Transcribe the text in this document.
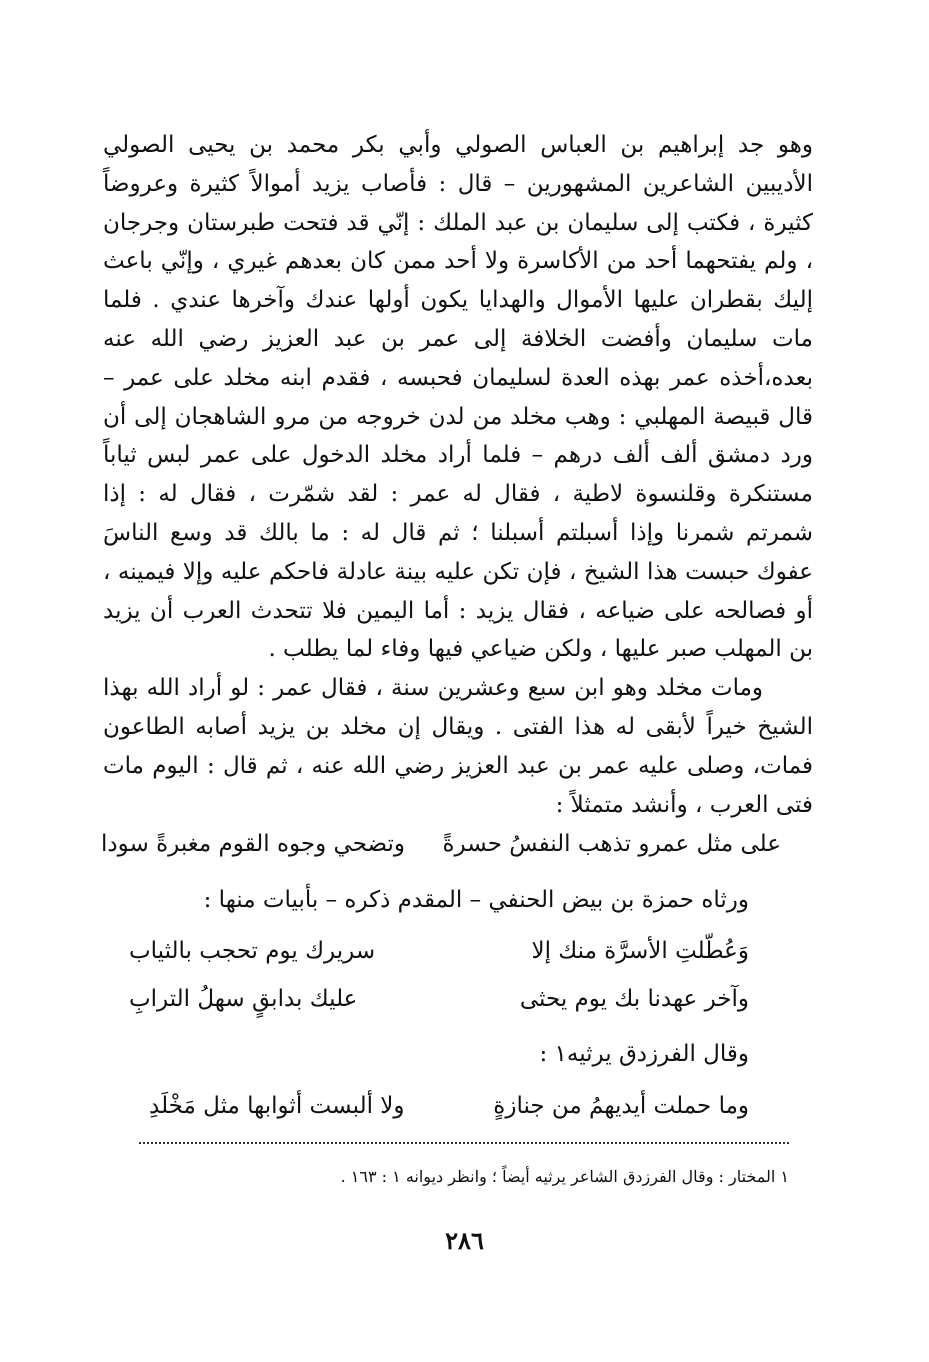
وهو جد إبراهيم بن العباس الصولي وأبي بكر محمد بن يحيى الصولي الأديبين الشاعرين المشهورين – قال : فأصاب يزيد أموالاً كثيرة وعروضاً كثيرة ، فكتب إلى سليمان بن عبد الملك : إنّي قد فتحت طبرستان وجرجان ، ولم يفتحهما أحد من الأكاسرة ولا أحد ممن كان بعدهم غيري ، وإنّي باعث إليك بقطران عليها الأموال والهدايا يكون أولها عندك وآخرها عندي . فلما مات سليمان وأفضت الخلافة إلى عمر بن عبد العزيز رضي الله عنه بعده،أخذه عمر بهذه العدة لسليمان فحبسه ، فقدم ابنه مخلد على عمر – قال قبيصة المهلبي : وهب مخلد من لدن خروجه من مرو الشاهجان إلى أن ورد دمشق ألف ألف درهم – فلما أراد مخلد الدخول على عمر لبس ثياباً مستنكرة وقلنسوة لاطية ، فقال له عمر : لقد شمّرت ، فقال له : إذا شمرتم شمرنا وإذا أسبلتم أسبلنا ؛ ثم قال له : ما بالك قد وسع الناسَ عفوك حبست هذا الشيخ ، فإن تكن عليه بينة عادلة فاحكم عليه وإلا فيمينه ، أو فصالحه على ضياعه ، فقال يزيد : أما اليمين فلا تتحدث العرب أن يزيد بن المهلب صبر عليها ، ولكن ضياعي فيها وفاء لما يطلب .

ومات مخلد وهو ابن سبع وعشرين سنة ، فقال عمر : لو أراد الله بهذا الشيخ خيراً لأبقى له هذا الفتى . ويقال إن مخلد بن يزيد أصابه الطاعون فمات، وصلى عليه عمر بن عبد العزيز رضي الله عنه ، ثم قال : اليوم مات فتى العرب ، وأنشد متمثلاً :

على مثل عمرو تذهب النفسُ حسرةً
وتضحي وجوه القوم مغبرةً سودا
ورثاه حمزة بن بيض الحنفي – المقدم ذكره – بأبيات منها :
وَعُطّلتِ الأسرَّة منك إلا
سريرك يوم تحجب بالثياب
وآخر عهدنا بك يوم يحثى
عليك بدابقٍ سهلُ الترابِ
وقال الفرزدق يرثيه١ :
وما حملت أيديهمُ من جنازةٍ
ولا ألبست أثوابها مثل مَخْلَدِ
١ المختار : وقال الفرزدق الشاعر يرثيه أيضاً ؛ وانظر ديوانه ١ : ١٦٣ .
٢٨٦
